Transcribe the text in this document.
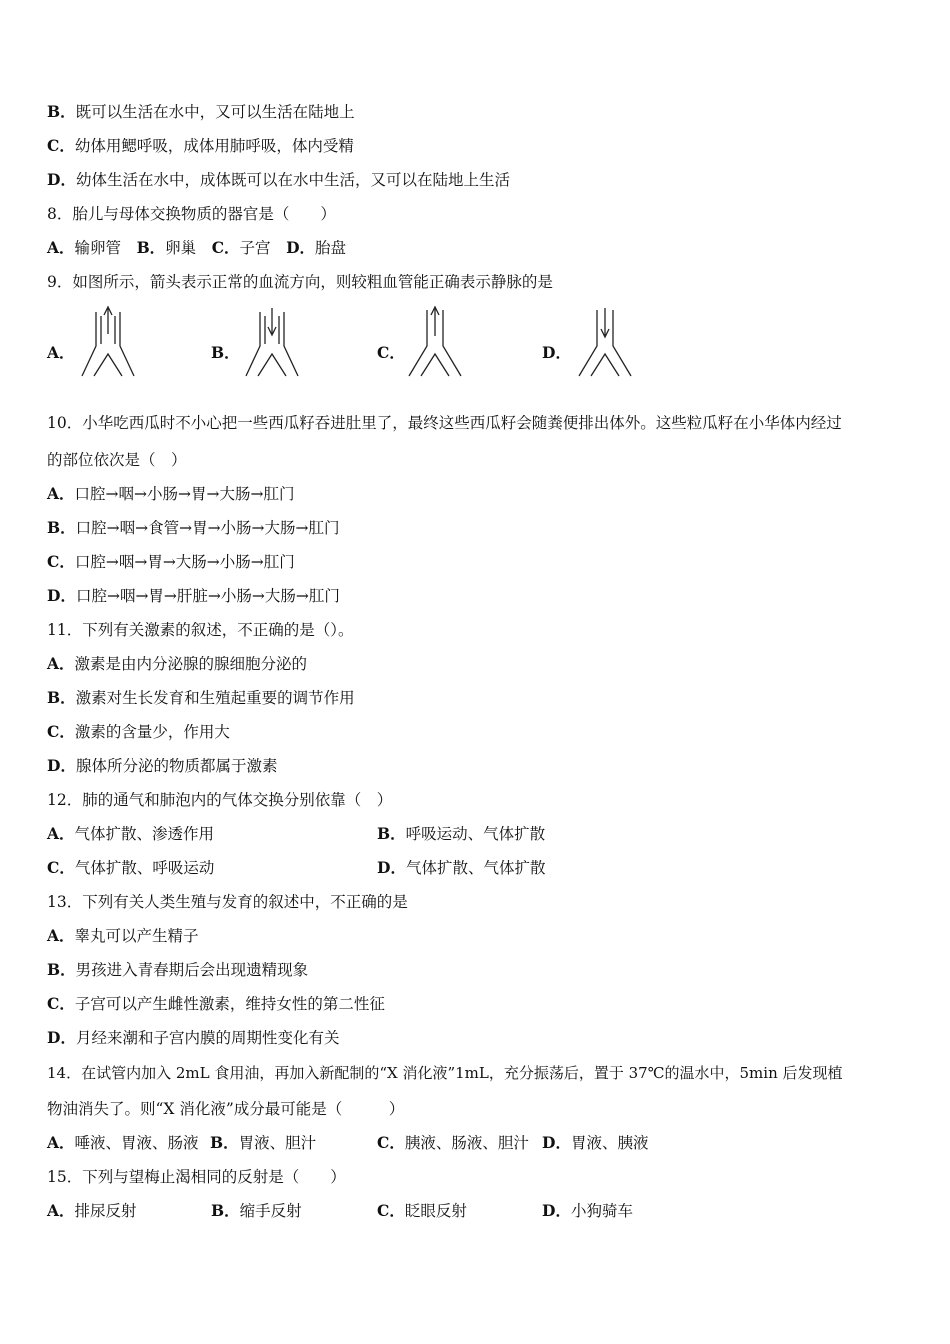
B．既可以生活在水中，又可以生活在陆地上
C．幼体用鳃呼吸，成体用肺呼吸，体内受精
D．幼体生活在水中，成体既可以在水中生活，又可以在陆地上生活
8．胎儿与母体交换物质的器官是（　　）
A．输卵管　 B．卵巢　 C．子宫　 D．胎盘
9．如图所示，箭头表示正常的血流方向，则较粗血管能正确表示静脉的是
A．	B．	C．	D．
10．小华吃西瓜时不小心把一些西瓜籽吞进肚里了，最终这些西瓜籽会随粪便排出体外。这些粒瓜籽在小华体内经过
的部位依次是（　）
A．口腔→咽→小肠→胃→大肠→肛门
B．口腔→咽→食管→胃→小肠→大肠→肛门
C．口腔→咽→胃→大肠→小肠→肛门
D．口腔→咽→胃→肝脏→小肠→大肠→肛门
11．下列有关激素的叙述，不正确的是（）。
A．激素是由内分泌腺的腺细胞分泌的
B．激素对生长发育和生殖起重要的调节作用
C．激素的含量少，作用大
D．腺体所分泌的物质都属于激素
12．肺的通气和肺泡内的气体交换分别依靠（　）
A．气体扩散、渗透作用	B．呼吸运动、气体扩散
C．气体扩散、呼吸运动	D．气体扩散、气体扩散
13．下列有关人类生殖与发育的叙述中，不正确的是
A．睾丸可以产生精子
B．男孩进入青春期后会出现遗精现象
C．子宫可以产生雌性激素，维持女性的第二性征
D．月经来潮和子宫内膜的周期性变化有关
14．在试管内加入 2mL 食用油，再加入新配制的“X 消化液”1mL，充分振荡后，置于 37℃的温水中，5min 后发现植
物油消失了。则“X 消化液”成分最可能是（　　　）
A．唾液、胃液、肠液 B．胃液、胆汁	C．胰液、肠液、胆汁 D．胃液、胰液
15．下列与望梅止渴相同的反射是（　　）
A．排尿反射	B．缩手反射	C．眨眼反射	D．小狗骑车
